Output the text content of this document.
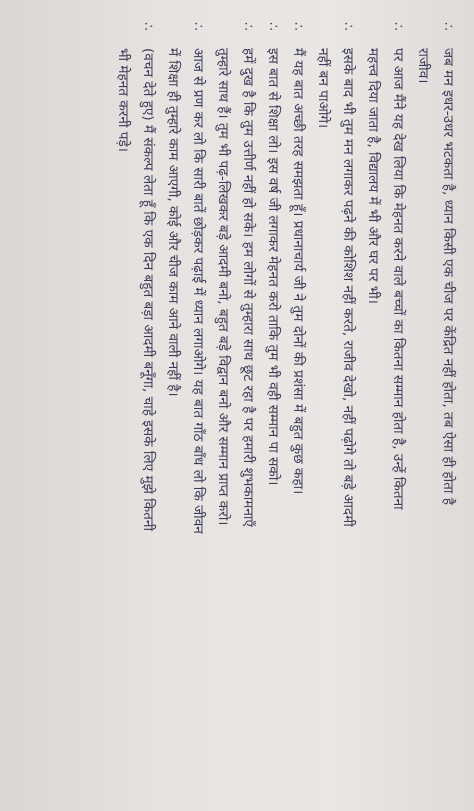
∴
जब मन इधर-उधर भटकता है, ध्यान किसी एक चीज पर केंद्रित नहीं होता, तब ऐसा ही होता है
राजीव।
∴
पर आज मैंने यह देख लिया कि मेहनत करने वाले बच्चों का कितना सम्मान होता है, उन्हें कितना
महत्त्व दिया जाता है, विद्यालय में भी और घर पर भी।
∴
इसके बाद भी तुम मन लगाकर पढ़ने की कोशिश नहीं करते, राजीव देखो, नहीं पढ़ोगे तो बड़े आदमी
नहीं बन पाओगे।
∴
मैं यह बात अच्छी तरह समझता हूँ। प्रधानाचार्य जी ने तुम दोनों की प्रशंसा में बहुत कुछ कहा।
∴
इस बात से शिक्षा लो। इस वर्ष जी लगाकर मेहनत करो ताकि तुम भी वही सम्मान पा सको।
∴
हमें दुख है कि तुम उत्तीर्ण नहीं हो सके। हम लोगों से तुम्हारा साथ छूट रहा है पर हमारी शुभकामनाएँ
तुम्हारे साथ हैं। तुम भी पढ़-लिखकर बड़े आदमी बनो, बहुत बड़े विद्वान बनो और सम्मान प्राप्त करो।
∴
आज से प्रण कर लो कि सारी बातें छोड़कर पढ़ाई में ध्यान लगाओगे। यह बात गाँठ बाँध लो कि जीवन
में शिक्षा ही तुम्हारे काम आएगी, कोई और चीज काम आने वाली नहीं है।
∴
(वचन देते हुए) मैं संकल्प लेता हूँ कि एक दिन बहुत बड़ा आदमी बनूँगा, चाहे इसके लिए मुझे कितनी
भी मेहनत करनी पड़े।
